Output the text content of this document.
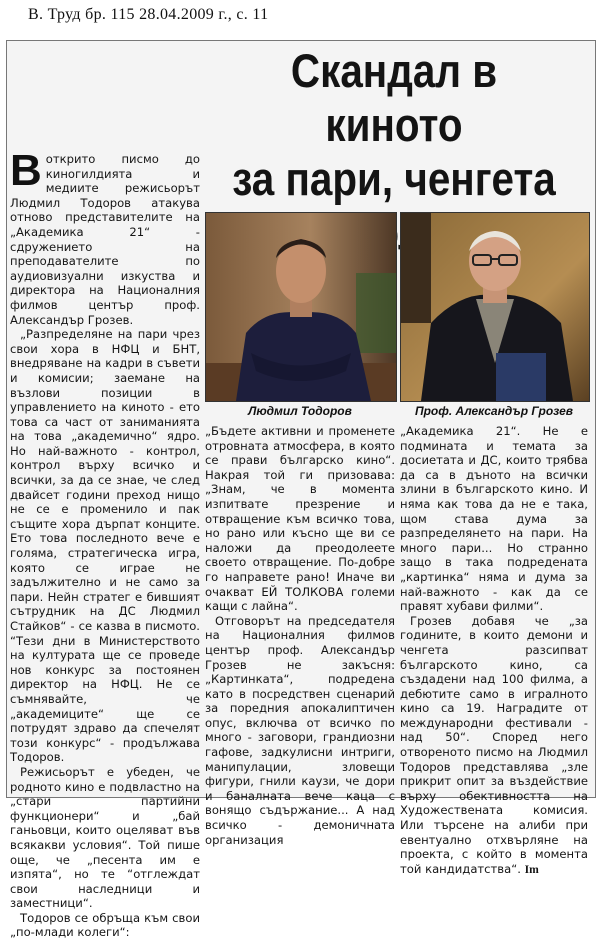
В. Труд бр. 115 28.04.2009 г., с. 11
Скандал в киното
за пари, ченгета

Воткрито писмо до киногилдията и медиите режисьорът Людмил Тодоров атакува отново представителите на „Академика 21“ - сдружението на преподавателите по аудиовизуални изкуства и директора на Националния филмов център проф. Александър Грозев.

„Разпределяне на пари чрез свои хора в НФЦ и БНТ, внедряване на кадри в съвети и комисии; заемане на възлови позиции в управлението на киното - ето това са част от заниманията на това „академично“ ядро. Но най-важното - контрол, контрол върху всичко и всички, за да се знае, че след двайсет години преход нищо не се е променило и пак същите хора дърпат конците. Ето това последното вече е голяма, стратегическа игра, която се играе не задължително и не само за пари. Нейн стратег е бившият сътрудник на ДС Людмил Стайков“ - се казва в писмото. “Тези дни в Министерството на културата ще се проведе нов конкурс за постоянен директор на НФЦ. Не се съмнявайте, че „академиците“ ще се потрудят здраво да спечелят този конкурс“ - продължава Тодоров.

Режисьорът е убеден, че родното кино е подвластно на „стари партийни функционери“ и „бай ганьовци, които оцеляват във всякакви условия“. Той пише още, че „песента им е изпята“, но те “отглеждат свои наследници и заместници“.

Тодоров се обръща към свои „по-млади колеги“:

Людмил Тодоров	Проф. Александър Грозев

„Бъдете активни и променете отровната атмосфера, в която се прави българско кино“. Накрая той ги призовава: „Знам, че в момента изпитвате презрение и отвращение към всичко това, но рано или късно ще ви се наложи да преодолеете своето отвращение. По-добре го направете рано! Иначе ви очакват ЕЙ ТОЛКОВА големи кащи с лайна“.

Отговорът на председателя на Националния филмов център проф. Александър Грозев не закъсня: „Картинката“, подредена като в посредствен сценарий за поредния апокалиптичен опус, включва от всичко по много - заговори, грандиозни гафове, задкулисни интриги, манипулации, зловещи фигури, гнили каузи, че дори и баналната вече каца с вонящо съдържание... А над всичко - демоничната организация

„Академика 21“. Не е подмината и темата за досиетата и ДС, които трябва да са в дъното на всички злини в българското кино. И няма как това да не е така, щом става дума за разпределянето на пари. На много пари... Но странно защо в така подредената „картинка“ няма и дума за най-важното - как да се правят хубави филми“.

Грозев добавя че „за годините, в които демони и ченгета разсипват българското кино, са създадени над 100 филма, а дебютите само в игралното кино са 19. Наградите от международни фестивали - над 50“. Според него отвореното писмо на Людмил Тодоров представлява „зле прикрит опит за въздействие върху обективността на Художествената комисия. Или търсене на алиби при евентуално отхвърляне на проекта, с който в момента той кандидатства“. Im
